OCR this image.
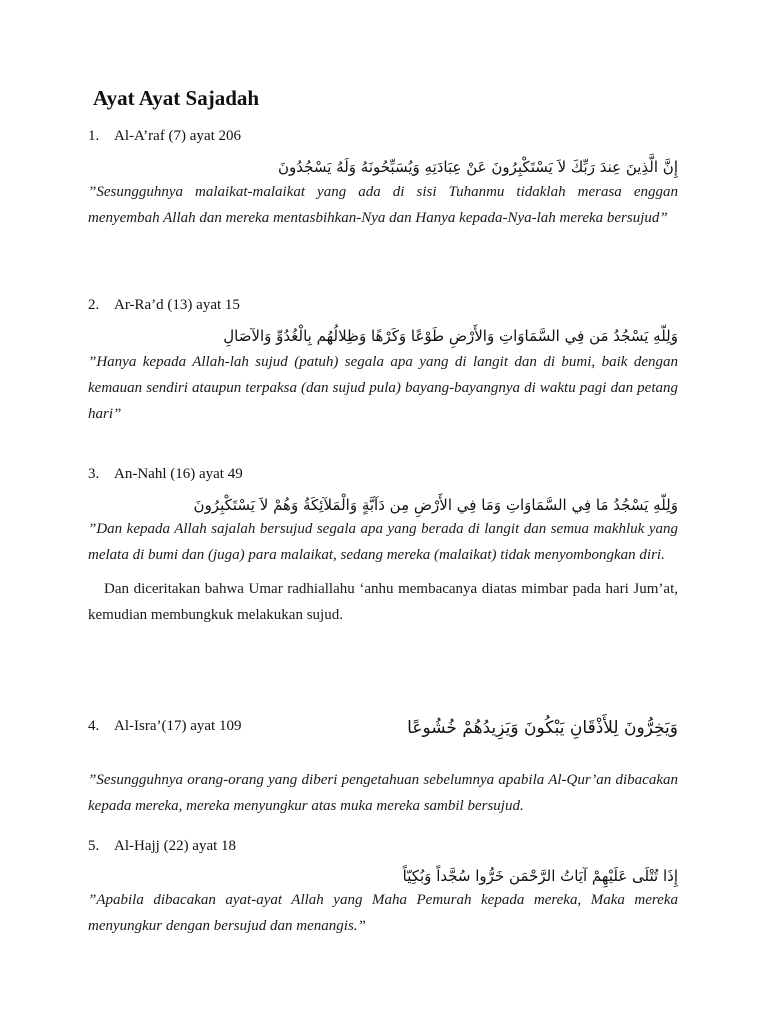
Ayat Ayat Sajadah
1. Al-A’raf (7) ayat 206
إِنَّ الَّذِينَ عِندَ رَبِّكَ لاَ يَسْتَكْبِرُونَ عَنْ عِبَادَتِهِ وَيُسَبِّحُونَهُ وَلَهُ يَسْجُدُونَ
”Sesungguhnya malaikat-malaikat yang ada di sisi Tuhanmu tidaklah merasa enggan menyembah Allah dan mereka mentasbihkan-Nya dan Hanya kepada-Nya-lah mereka bersujud”
2. Ar-Ra’d (13) ayat 15
وَلِلّهِ يَسْجُدُ مَن فِي السَّمَاوَاتِ وَالأَرْضِ طَوْعًا وَكَرْهًا وَظِلالُهُم بِالْغُدُوِّ وَالآصَالِ
”Hanya kepada Allah-lah sujud (patuh) segala apa yang di langit dan di bumi, baik dengan kemauan sendiri ataupun terpaksa (dan sujud pula) bayang-bayangnya di waktu pagi dan petang hari”
3. An-Nahl (16) ayat 49
وَلِلّهِ يَسْجُدُ مَا فِي السَّمَاوَاتِ وَمَا فِي الأَرْضِ مِن دَآبَّةٍ وَالْمَلآئِكَةُ وَهُمْ لاَ يَسْتَكْبِرُونَ
”Dan kepada Allah sajalah bersujud segala apa yang berada di langit dan semua makhluk yang melata di bumi dan (juga) para malaikat, sedang mereka (malaikat) tidak menyombongkan diri.
Dan diceritakan bahwa Umar radhiallahu ‘anhu membacanya diatas mimbar pada hari Jum’at, kemudian membungkuk melakukan sujud.
4. Al-Isra’(17) ayat 109	وَيَخِرُّونَ لِلأَذْقَانِ يَبْكُونَ وَيَزِيدُهُمْ خُشُوعًا
”Sesungguhnya orang-orang yang diberi pengetahuan sebelumnya apabila Al-Qur’an dibacakan kepada mereka, mereka menyungkur atas muka mereka sambil bersujud.
5. Al-Hajj (22) ayat 18
إِذَا تُتْلَى عَلَيْهِمْ آيَاتُ الرَّحْمَن خَرُّوا سُجَّداً وَبُكِيّاً
”Apabila dibacakan ayat-ayat Allah yang Maha Pemurah kepada mereka, Maka mereka menyungkur dengan bersujud dan menangis.”
